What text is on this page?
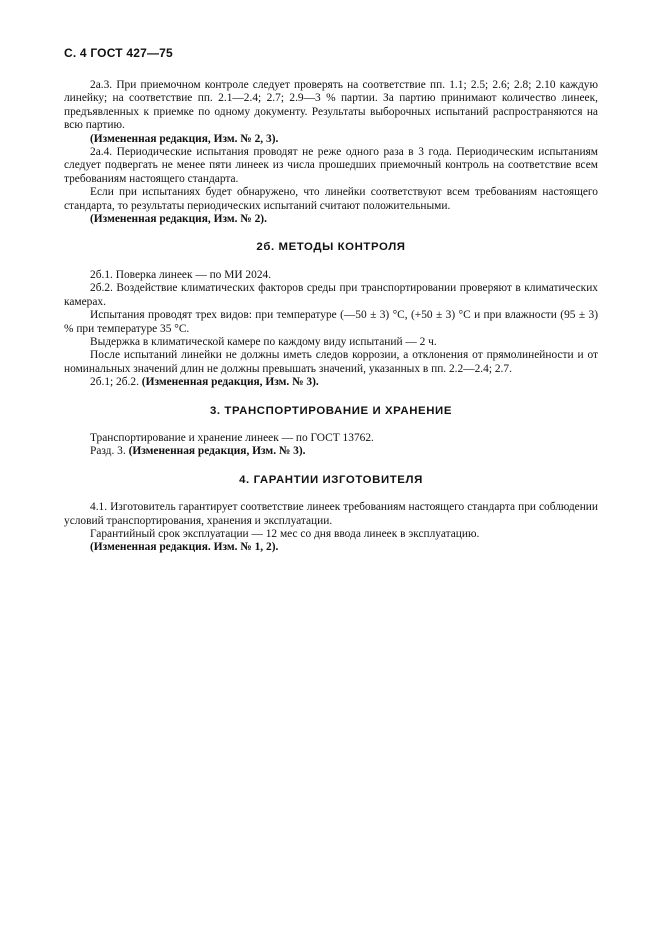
С. 4 ГОСТ 427—75

2а.3. При приемочном контроле следует проверять на соответствие пп. 1.1; 2.5; 2.6; 2.8; 2.10 каждую линейку; на соответствие пп. 2.1—2.4; 2.7; 2.9—3 % партии. За партию принимают количество линеек, предъявленных к приемке по одному документу. Результаты выборочных испытаний распространяются на всю партию.

(Измененная редакция, Изм. № 2, 3).

2а.4. Периодические испытания проводят не реже одного раза в 3 года. Периодическим испытаниям следует подвергать не менее пяти линеек из числа прошедших приемочный контроль на соответствие всем требованиям настоящего стандарта.

Если при испытаниях будет обнаружено, что линейки соответствуют всем требованиям настоящего стандарта, то результаты периодических испытаний считают положительными.

(Измененная редакция, Изм. № 2).

2б. МЕТОДЫ КОНТРОЛЯ

2б.1. Поверка линеек — по МИ 2024.

2б.2. Воздействие климатических факторов среды при транспортировании проверяют в климатических камерах.

Испытания проводят трех видов: при температуре (—50 ± 3) °С, (+50 ± 3) °С и при влажности (95 ± 3) % при температуре 35 °С.

Выдержка в климатической камере по каждому виду испытаний — 2 ч.

После испытаний линейки не должны иметь следов коррозии, а отклонения от прямолинейности и от номинальных значений длин не должны превышать значений, указанных в пп. 2.2—2.4; 2.7.

2б.1; 2б.2. (Измененная редакция, Изм. № 3).

3. ТРАНСПОРТИРОВАНИЕ И ХРАНЕНИЕ

Транспортирование и хранение линеек — по ГОСТ 13762.

Разд. 3. (Измененная редакция, Изм. № 3).

4. ГАРАНТИИ ИЗГОТОВИТЕЛЯ

4.1. Изготовитель гарантирует соответствие линеек требованиям настоящего стандарта при соблюдении условий транспортирования, хранения и эксплуатации.

Гарантийный срок эксплуатации — 12 мес со дня ввода линеек в эксплуатацию.

(Измененная редакция. Изм. № 1, 2).
